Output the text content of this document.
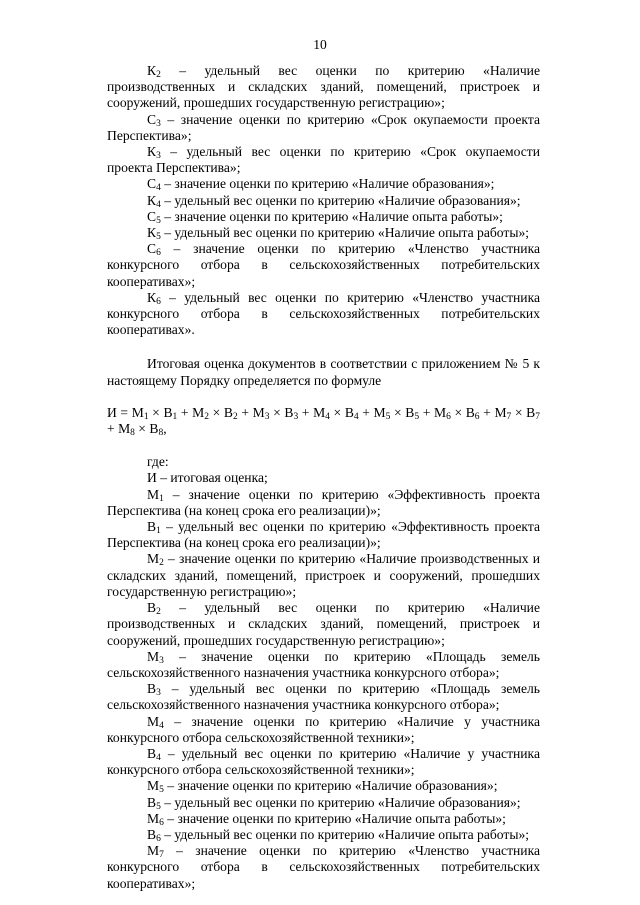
10

$К_2$ – удельный вес оценки по критерию «Наличие производственных и складских зданий, помещений, пристроек и сооружений, прошедших государственную регистрацию»;

$С_3$ – значение оценки по критерию «Срок окупаемости проекта Перспектива»;

$К_3$ – удельный вес оценки по критерию «Срок окупаемости проекта Перспектива»;

$С_4$ – значение оценки по критерию «Наличие образования»;

$К_4$ – удельный вес оценки по критерию «Наличие образования»;

$С_5$ – значение оценки по критерию «Наличие опыта работы»;

$К_5$ – удельный вес оценки по критерию «Наличие опыта работы»;

$С_6$ – значение оценки по критерию «Членство участника конкурсного отбора в сельскохозяйственных потребительских кооперативах»;

$К_6$ – удельный вес оценки по критерию «Членство участника конкурсного отбора в сельскохозяйственных потребительских кооперативах».

Итоговая оценка документов в соответствии с приложением № 5 к настоящему Порядку определяется по формуле

$И = М_1 \times В_1 + М_2 \times В_2 + М_3 \times В_3 + М_4 \times В_4 + М_5 \times В_5 + М_6 \times В_6 + М_7 \times В_7$

+ $М_8 \times В_8$,

где:

И – итоговая оценка;

$М_1$ – значение оценки по критерию «Эффективность проекта Перспектива (на конец срока его реализации)»;

$В_1$ – удельный вес оценки по критерию «Эффективность проекта Перспектива (на конец срока его реализации)»;

$М_2$ – значение оценки по критерию «Наличие производственных и складских зданий, помещений, пристроек и сооружений, прошедших государственную регистрацию»;

$В_2$ – удельный вес оценки по критерию «Наличие производственных и складских зданий, помещений, пристроек и сооружений, прошедших государственную регистрацию»;

$М_3$ – значение оценки по критерию «Площадь земель сельскохозяйственного назначения участника конкурсного отбора»;

$В_3$ – удельный вес оценки по критерию «Площадь земель сельскохозяйственного назначения участника конкурсного отбора»;

$М_4$ – значение оценки по критерию «Наличие у участника конкурсного отбора сельскохозяйственной техники»;

$В_4$ – удельный вес оценки по критерию «Наличие у участника конкурсного отбора сельскохозяйственной техники»;

$М_5$ – значение оценки по критерию «Наличие образования»;

$В_5$ – удельный вес оценки по критерию «Наличие образования»;

$М_6$ – значение оценки по критерию «Наличие опыта работы»;

$В_6$ – удельный вес оценки по критерию «Наличие опыта работы»;

$М_7$ – значение оценки по критерию «Членство участника конкурсного отбора в сельскохозяйственных потребительских кооперативах»;
